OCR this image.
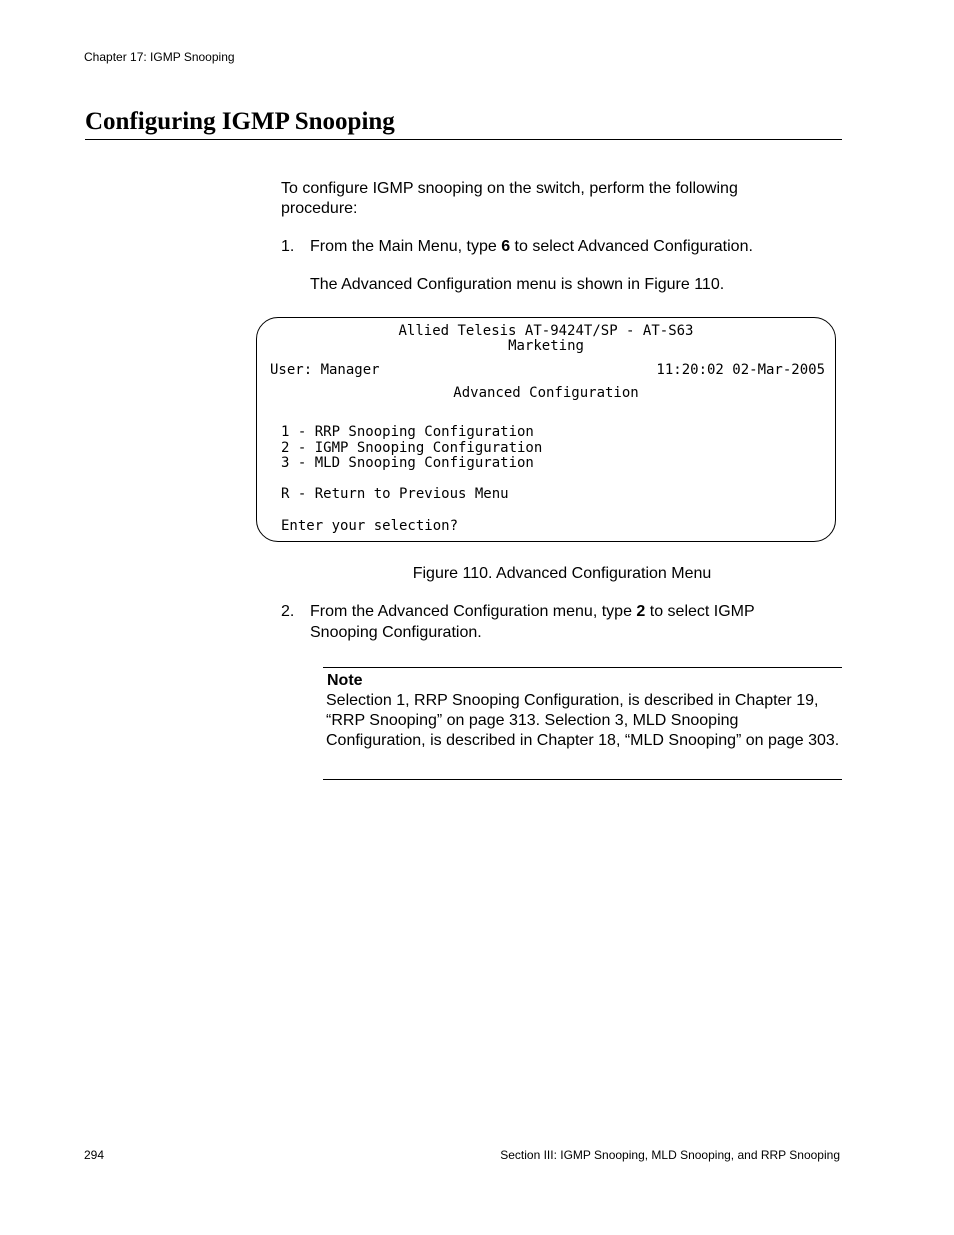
Chapter 17: IGMP Snooping
Configuring IGMP Snooping
To configure IGMP snooping on the switch, perform the following procedure:
1. From the Main Menu, type 6 to select Advanced Configuration.
The Advanced Configuration menu is shown in Figure 110.
Allied Telesis AT-9424T/SP - AT-S63
Marketing
User: Manager	11:20:02 02-Mar-2005
Advanced Configuration
1 - RRP Snooping Configuration
2 - IGMP Snooping Configuration
3 - MLD Snooping Configuration
R - Return to Previous Menu
Enter your selection?
Figure 110. Advanced Configuration Menu
2. From the Advanced Configuration menu, type 2 to select IGMP Snooping Configuration.
Note
Selection 1, RRP Snooping Configuration, is described in Chapter 19, “RRP Snooping” on page 313. Selection 3, MLD Snooping Configuration, is described in Chapter 18, “MLD Snooping” on page 303.
294	Section III: IGMP Snooping, MLD Snooping, and RRP Snooping
